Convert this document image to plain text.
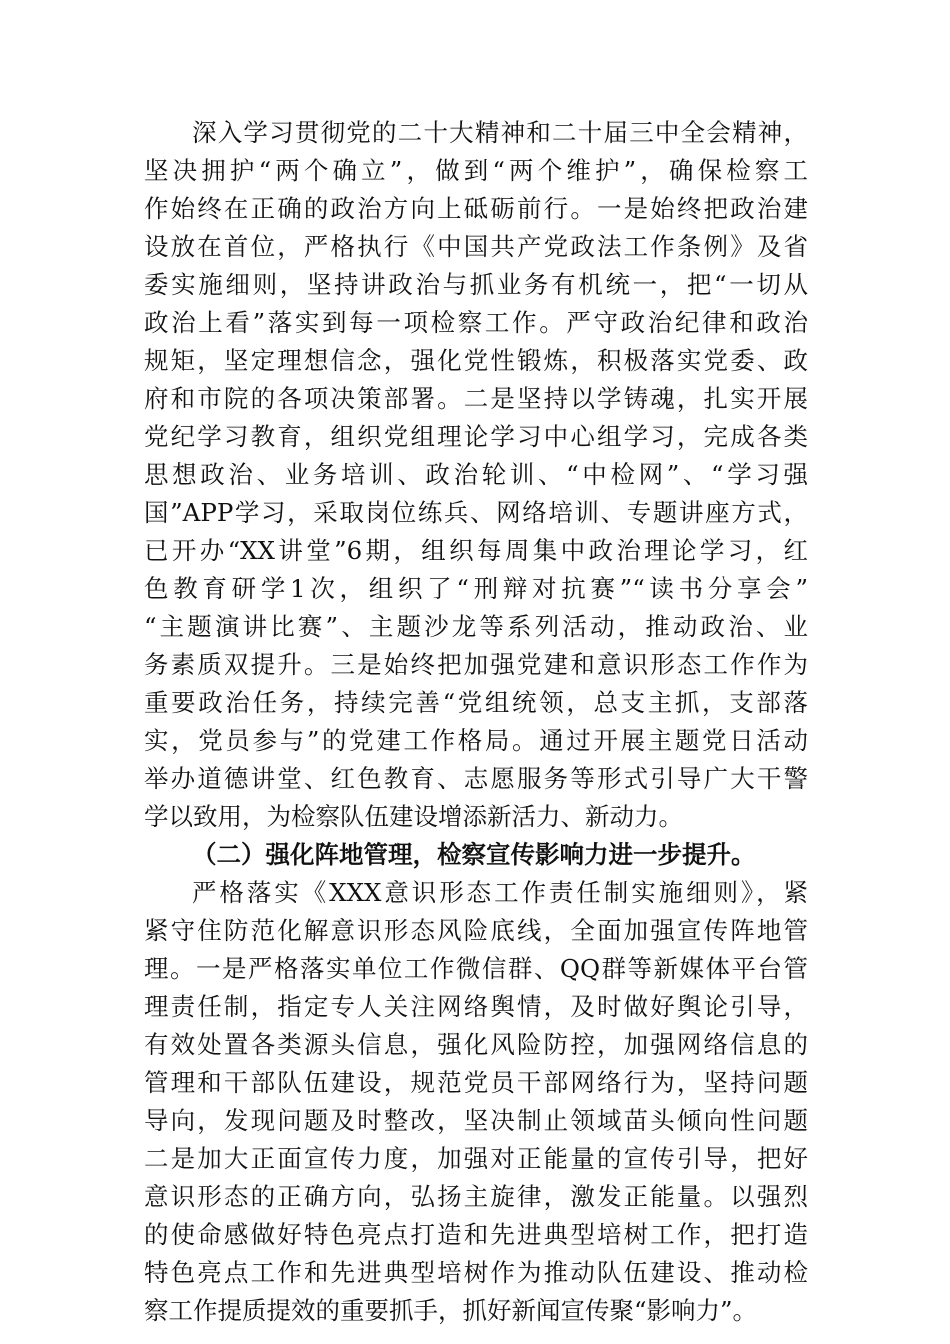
深入学习贯彻党的二十大精神和二十届三中全会精神，
坚决拥护“两个确立”，做到“两个维护”，确保检察工
作始终在正确的政治方向上砥砺前行。一是始终把政治建
设放在首位，严格执行《中国共产党政法工作条例》及省
委实施细则，坚持讲政治与抓业务有机统一，把“一切从
政治上看”落实到每一项检察工作。严守政治纪律和政治
规矩，坚定理想信念，强化党性锻炼，积极落实党委、政
府和市院的各项决策部署。二是坚持以学铸魂，扎实开展
党纪学习教育，组织党组理论学习中心组学习，完成各类
思想政治、业务培训、政治轮训、“中检网”、“学习强
国”APP学习，采取岗位练兵、网络培训、专题讲座方式，
已开办“XX讲堂”6期，组织每周集中政治理论学习，红
色教育研学1次，组织了“刑辩对抗赛”“读书分享会”
“主题演讲比赛”、主题沙龙等系列活动，推动政治、业
务素质双提升。三是始终把加强党建和意识形态工作作为
重要政治任务，持续完善“党组统领，总支主抓，支部落
实，党员参与”的党建工作格局。通过开展主题党日活动
举办道德讲堂、红色教育、志愿服务等形式引导广大干警
学以致用，为检察队伍建设增添新活力、新动力。
（二）强化阵地管理，检察宣传影响力进一步提升。
严格落实《XXX意识形态工作责任制实施细则》，紧
紧守住防范化解意识形态风险底线，全面加强宣传阵地管
理。一是严格落实单位工作微信群、QQ群等新媒体平台管
理责任制，指定专人关注网络舆情，及时做好舆论引导，
有效处置各类源头信息，强化风险防控，加强网络信息的
管理和干部队伍建设，规范党员干部网络行为，坚持问题
导向，发现问题及时整改，坚决制止领域苗头倾向性问题
二是加大正面宣传力度，加强对正能量的宣传引导，把好
意识形态的正确方向，弘扬主旋律，激发正能量。以强烈
的使命感做好特色亮点打造和先进典型培树工作，把打造
特色亮点工作和先进典型培树作为推动队伍建设、推动检
察工作提质提效的重要抓手，抓好新闻宣传聚“影响力”。
